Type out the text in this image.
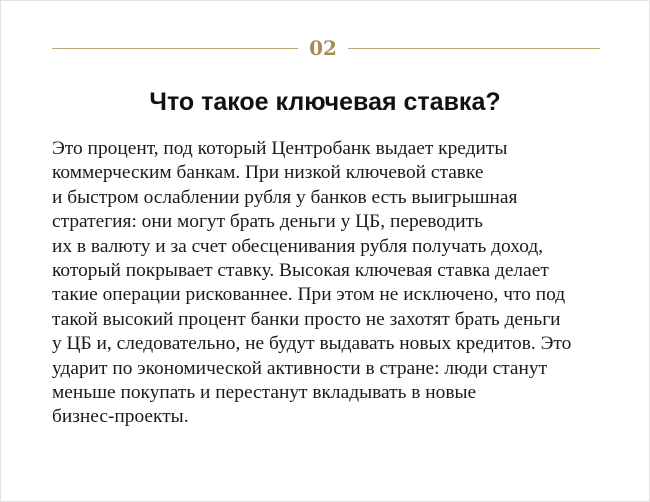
02
Что такое ключевая ставка?

Это процент, под который Центробанк выдает кредиты
коммерческим банкам. При низкой ключевой ставке
и быстром ослаблении рубля у банков есть выигрышная
стратегия: они могут брать деньги у ЦБ, переводить
их в валюту и за счет обесценивания рубля получать доход,
который покрывает ставку. Высокая ключевая ставка делает
такие операции рискованнее. При этом не исключено, что под
такой высокий процент банки просто не захотят брать деньги
у ЦБ и, следовательно, не будут выдавать новых кредитов. Это
ударит по экономической активности в стране: люди станут
меньше покупать и перестанут вкладывать в новые
бизнес-проекты.
